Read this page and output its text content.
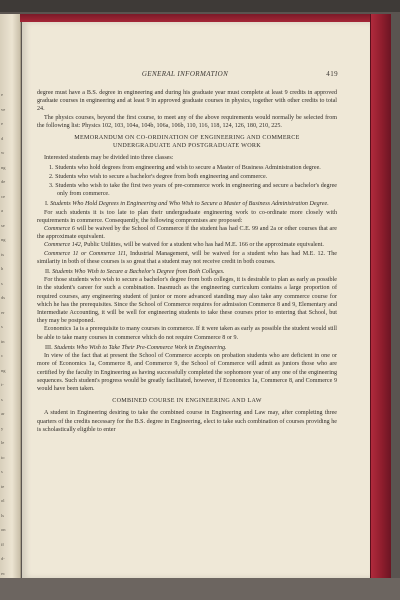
e
ve
e
d
w
ng
de
ce
a
se
ng
ts
h
s
ds
er
s
in
c
ng
t-
s
ar
y
le
io
s
te
ol
ls
on
ff
d-
ec
GENERAL INFORMATION	419

degree must have a B.S. degree in engineering and during his graduate year must complete at least 9 credits in approved graduate courses in engineering and at least 9 in approved graduate courses in physics, together with other credits to total 24.

The physics courses, beyond the first course, to meet any of the above requirements would normally be selected from the following list: Physics 102, 103, 104a, 104b, 106a, 106b, 110, 116, 118, 124, 126, 180, 210, 225.

MEMORANDUM ON CO-ORDINATION OF ENGINEERING AND COMMERCE
UNDERGRADUATE AND POSTGRADUATE WORK

Interested students may be divided into three classes:

1. Students who hold degrees from engineering and wish to secure a Master of Business Administration degree.

2. Students who wish to secure a bachelor's degree from both engineering and commerce.

3. Students who wish to take the first two years of pre-commerce work in engineering and secure a bachelor's degree only from commerce.

I. Students Who Hold Degrees in Engineering and Who Wish to Secure a Master of Business Administration Degree.

For such students it is too late to plan their undergraduate engineering work to co-ordinate more closely with requirements in commerce. Consequently, the following compromises are proposed:

Commerce 6 will be waived by the School of Commerce if the student has had C.E. 99 and 2a or other courses that are the approximate equivalent.

Commerce 142, Public Utilities, will be waived for a student who has had M.E. 166 or the approximate equivalent.

Commerce 11 or Commerce 111, Industrial Management, will be waived for a student who has had M.E. 12. The similarity in both of these courses is so great that a student may not receive credit in both courses.

II. Students Who Wish to Secure a Bachelor's Degree from Both Colleges.

For those students who wish to secure a bachelor's degree from both colleges, it is desirable to plan as early as possible in the student's career for such a combination. Inasmuch as the engineering curriculum contains a large proportion of required courses, any engineering student of junior or more advanced standing may also take any commerce course for which he has the prerequisites. Since the School of Commerce requires for admission Commerce 8 and 9, Elementary and Intermediate Accounting, it will be well for engineering students to take these courses prior to entering that School, but they may be postponed.

Economics 1a is a prerequisite to many courses in commerce. If it were taken as early as possible the student would still be able to take many courses in commerce which do not require Commerce 8 or 9.

III. Students Who Wish to Take Their Pre-Commerce Work in Engineering.

In view of the fact that at present the School of Commerce accepts on probation students who are deficient in one or more of Economics 1a, Commerce 8, and Commerce 9, the School of Commerce will admit as juniors those who are certified by the faculty in Engineering as having successfully completed the sophomore year of any one of the engineering sequences. Such student's progress would be greatly facilitated, however, if Economics 1a, Commerce 8, and Commerce 9 would have been taken.

COMBINED COURSE IN ENGINEERING AND LAW

A student in Engineering desiring to take the combined course in Engineering and Law may, after completing three quarters of the credits necessary for the B.S. degree in Engineering, elect to take such combination of courses providing he is scholastically eligible to enter
